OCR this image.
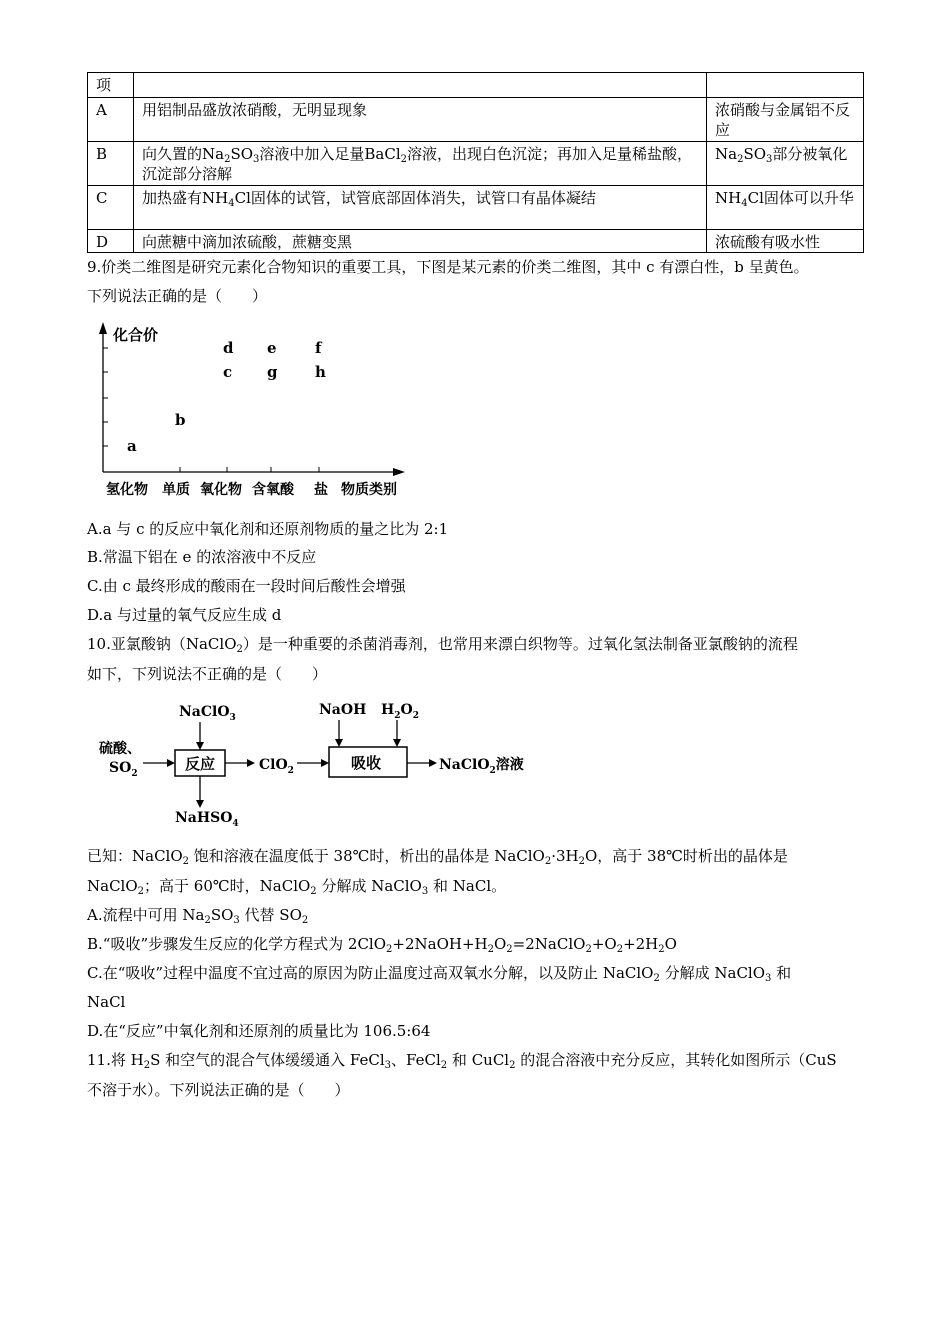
项		
A	用铝制品盛放浓硝酸，无明显现象	浓硝酸与金属铝不反应
B	向久置的$Na_2SO_3$溶液中加入足量BaCl$_2$溶液，出现白色沉淀；再加入足量稀盐酸，沉淀部分溶解	$Na_2SO_3$部分被氧化
C	加热盛有$NH_4Cl$固体的试管，试管底部固体消失，试管口有晶体凝结	$NH_4Cl$固体可以升华
D	向蔗糖中滴加浓硫酸，蔗糖变黑	浓硫酸有吸水性
9.价类二维图是研究元素化合物知识的重要工具，下图是某元素的价类二维图，其中 c 有漂白性，b 呈黄色。
下列说法正确的是（　　）
化合价
氢化物 单质 氧化物 含氧酸 盐 物质类别
a
b
c
d e
g
f
h
A.a 与 c 的反应中氧化剂和还原剂物质的量之比为 2:1
B.常温下铝在 e 的浓溶液中不反应
C.由 c 最终形成的酸雨在一段时间后酸性会增强
D.a 与过量的氧气反应生成 d
10.亚氯酸钠（NaClO$_2$）是一种重要的杀菌消毒剂，也常用来漂白织物等。过氧化氢法制备亚氯酸钠的流程
如下，下列说法不正确的是（　　）
NaClO$_3$
硫酸、
$SO_2$
反应
NaHSO$_4$
ClO$_2$	吸收
NaOH $H_2O_2$
NaClO$_2$溶液
已知：NaClO$_2$ 饱和溶液在温度低于 38℃时，析出的晶体是 $NaClO_2\cdot 3H_2O$，高于 38℃时析出的晶体是
NaClO$_2$；高于 60℃时，NaClO$_2$ 分解成 NaClO$_3$ 和 NaCl。
A.流程中可用 $Na_2SO_3$ 代替 $SO_2$
B.“吸收”步骤发生反应的化学方程式为 $2ClO_2+2NaOH+H_2O_2=2NaClO_2+O_2+2H_2O$
C.在“吸收”过程中温度不宜过高的原因为防止温度过高双氧水分解，以及防止 NaClO$_2$ 分解成 NaClO$_3$ 和
NaCl
D.在“反应”中氧化剂和还原剂的质量比为 106.5:64
11.将 $H_2S$ 和空气的混合气体缓缓通入 FeCl$_3$、FeCl$_2$ 和 CuCl$_2$ 的混合溶液中充分反应，其转化如图所示（CuS
不溶于水）。下列说法正确的是（　　）
